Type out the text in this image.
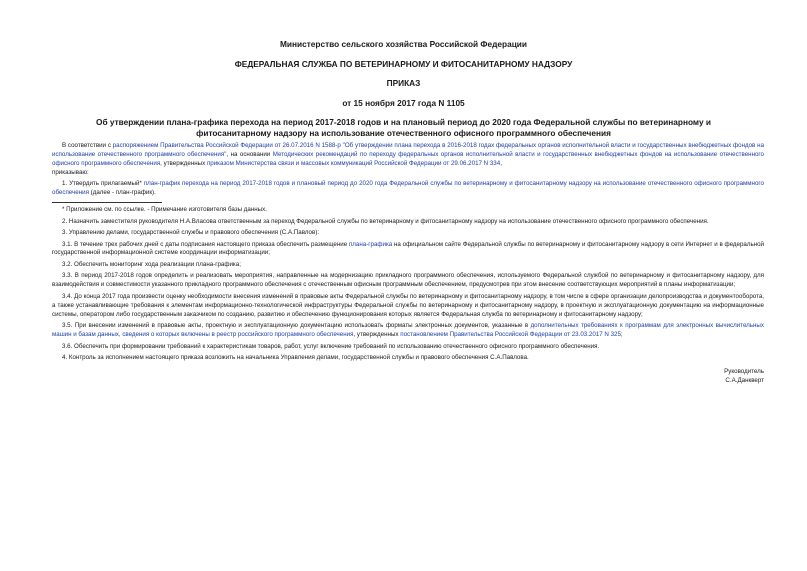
Министерство сельского хозяйства Российской Федерации
ФЕДЕРАЛЬНАЯ СЛУЖБА ПО ВЕТЕРИНАРНОМУ И ФИТОСАНИТАРНОМУ НАДЗОРУ
ПРИКАЗ
от 15 ноября 2017 года N 1105
Об утверждении плана-графика перехода на период 2017-2018 годов и на плановый период до 2020 года Федеральной службы по ветеринарному и
фитосанитарному надзору на использование отечественного офисного программного обеспечения

В соответствии с распоряжением Правительства Российской Федерации от 26.07.2016 N 1588-р "Об утверждении плана перехода в 2016-2018 годах федеральных органов исполнительной власти и государственных внебюджетных фондов на использование отечественного программного обеспечения", на основании Методических рекомендаций по переходу федеральных органов исполнительной власти и государственных внебюджетных фондов на использование отечественного офисного программного обеспечения, утвержденных приказом Министерства связи и массовых коммуникаций Российской Федерации от 29.06.2017 N 334,

приказываю:

1. Утвердить прилагаемый* план-график перехода на период 2017-2018 годов и плановый период до 2020 года Федеральной службы по ветеринарному и фитосанитарному надзору на использование отечественного офисного программного обеспечения (далее - план-график).

* Приложение см. по ссылке. - Примечание изготовителя базы данных.

2. Назначить заместителя руководителя Н.А.Власова ответственным за переход Федеральной службы по ветеринарному и фитосанитарному надзору на использование отечественного офисного программного обеспечения.

3. Управлению делами, государственной службы и правового обеспечения (С.А.Павлов):

3.1. В течение трех рабочих дней с даты подписания настоящего приказа обеспечить размещение плана-графика на официальном сайте Федеральной службы по ветеринарному и фитосанитарному надзору в сети Интернет и в федеральной государственной информационной системе координации информатизации;

3.2. Обеспечить мониторинг хода реализации плана-графика;

3.3. В период 2017-2018 годов определить и реализовать мероприятия, направленные на модернизацию прикладного программного обеспечения, используемого Федеральной службой по ветеринарному и фитосанитарному надзору, для взаимодействия и совместимости указанного прикладного программного обеспечения с отечественным офисным программным обеспечением, предусмотрев при этом внесение соответствующих мероприятий в планы информатизации;

3.4. До конца 2017 года произвести оценку необходимости внесения изменений в правовые акты Федеральной службы по ветеринарному и фитосанитарному надзору, в том числе в сфере организации делопроизводства и документооборота, а также устанавливающие требования к элементам информационно-технологической инфраструктуры Федеральной службы по ветеринарному и фитосанитарному надзору, в проектную и эксплуатационную документацию на информационные системы, оператором либо государственным заказчиком по созданию, развитию и обеспечению функционирования которых является Федеральная служба по ветеринарному и фитосанитарному надзору;

3.5. При внесении изменений в правовые акты, проектную и эксплуатационную документацию использовать форматы электронных документов, указанные в дополнительных требованиях к программам для электронных вычислительных машин и базам данных, сведения о которых включены в реестр российского программного обеспечения, утвержденных постановлением Правительства Российской Федерации от 23.03.2017 N 325;

3.6. Обеспечить при формировании требований к характеристикам товаров, работ, услуг включение требований по использованию отечественного офисного программного обеспечения.

4. Контроль за исполнением настоящего приказа возложить на начальника Управления делами, государственной службы и правового обеспечения С.А.Павлова.

Руководитель

С.А.Данкверт
